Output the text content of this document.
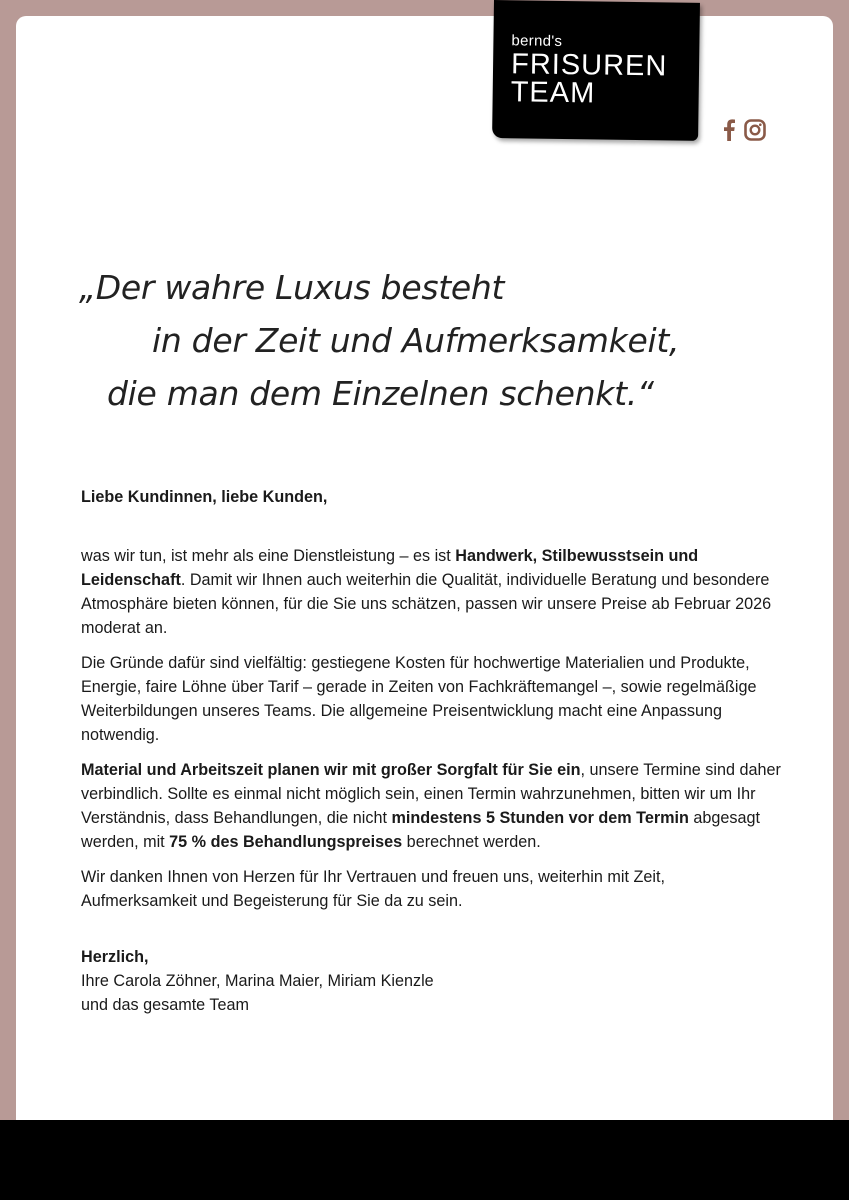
bernd's
FRISUREN
TEAM
„Der wahre Luxus besteht
in der Zeit und Aufmerksamkeit,
die man dem Einzelnen schenkt.“

Liebe Kundinnen, liebe Kunden,

was wir tun, ist mehr als eine Dienstleistung – es ist Handwerk, Stilbewusstsein und Leidenschaft. Damit wir Ihnen auch weiterhin die Qualität, individuelle Beratung und besondere Atmosphäre bieten können, für die Sie uns schätzen, passen wir unsere Preise ab Februar 2026 moderat an.

Die Gründe dafür sind vielfältig: gestiegene Kosten für hochwertige Materialien und Produkte, Energie, faire Löhne über Tarif – gerade in Zeiten von Fachkräftemangel –, sowie regelmäßige Weiterbildungen unseres Teams. Die allgemeine Preisentwicklung macht eine Anpassung notwendig.

Material und Arbeitszeit planen wir mit großer Sorgfalt für Sie ein, unsere Termine sind daher verbindlich. Sollte es einmal nicht möglich sein, einen Termin wahrzunehmen, bitten wir um Ihr Verständnis, dass Behandlungen, die nicht mindestens 5 Stunden vor dem Termin abgesagt werden, mit 75 % des Behandlungspreises berechnet werden.

Wir danken Ihnen von Herzen für Ihr Vertrauen und freuen uns, weiterhin mit Zeit, Aufmerksamkeit und Begeisterung für Sie da zu sein.

Herzlich,

Ihre Carola Zöhner, Marina Maier, Miriam Kienzle

und das gesamte Team
